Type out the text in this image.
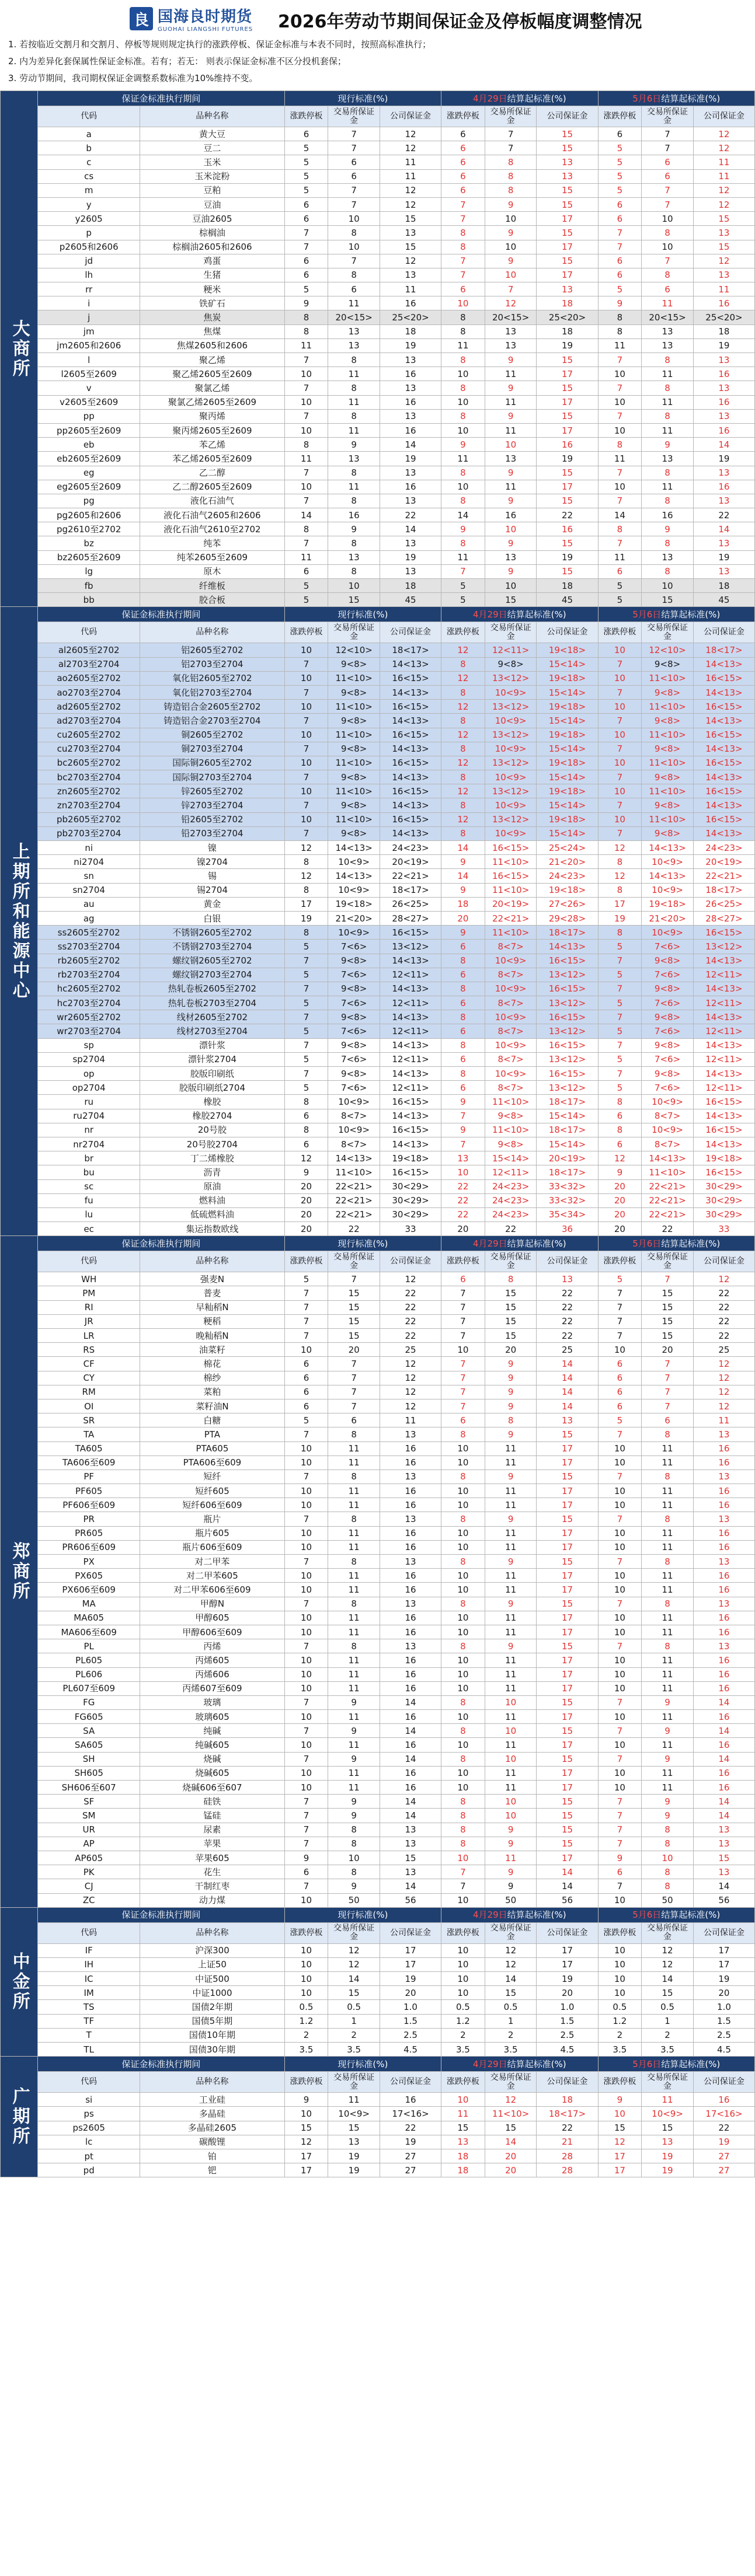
良 国海良时期货
GUOHAI LIANGSHI FUTURES 2026年劳动节期间保证金及停板幅度调整情况
1. 若按临近交割月和交割月、停板等规则规定执行的涨跌停板、保证金标准与本表不同时，按照高标准执行；
2. 内为差异化套保属性保证金标准。若有；若无： 则表示保证金标准不区分投机套保；
3. 劳动节期间，我司期权保证金调整系数标准为10%维持不变。
大商所	保证金标准执行期间		现行标准(%)			4月29日结算起标准(%)			5月6日结算起标准(%)		
	代码	品种名称	涨跌停板	交易所保证金	公司保证金	涨跌停板	交易所保证金	公司保证金	涨跌停板	交易所保证金	公司保证金
	a	黄大豆	6	7	12	6	7	15	6	7	12
	b	豆二	5	7	12	6	7	15	5	7	12
	c	玉米	5	6	11	6	8	13	5	6	11
	cs	玉米淀粉	5	6	11	6	8	13	5	6	11
	m	豆粕	5	7	12	6	8	15	5	7	12
	y	豆油	6	7	12	7	9	15	6	7	12
	y2605	豆油2605	6	10	15	7	10	17	6	10	15
	p	棕榈油	7	8	13	8	9	15	7	8	13
	p2605和2606	棕榈油2605和2606	7	10	15	8	10	17	7	10	15
	jd	鸡蛋	6	7	12	7	9	15	6	7	12
	lh	生猪	6	8	13	7	10	17	6	8	13
	rr	粳米	5	6	11	6	7	13	5	6	11
	i	铁矿石	9	11	16	10	12	18	9	11	16
	j	焦炭	8	20<15>	25<20>	8	20<15>	25<20>	8	20<15>	25<20>
	jm	焦煤	8	13	18	8	13	18	8	13	18
	jm2605和2606	焦煤2605和2606	11	13	19	11	13	19	11	13	19
	l	聚乙烯	7	8	13	8	9	15	7	8	13
	l2605至2609	聚乙烯2605至2609	10	11	16	10	11	17	10	11	16
	v	聚氯乙烯	7	8	13	8	9	15	7	8	13
	v2605至2609	聚氯乙烯2605至2609	10	11	16	10	11	17	10	11	16
	pp	聚丙烯	7	8	13	8	9	15	7	8	13
	pp2605至2609	聚丙烯2605至2609	10	11	16	10	11	17	10	11	16
	eb	苯乙烯	8	9	14	9	10	16	8	9	14
	eb2605至2609	苯乙烯2605至2609	11	13	19	11	13	19	11	13	19
	eg	乙二醇	7	8	13	8	9	15	7	8	13
	eg2605至2609	乙二醇2605至2609	10	11	16	10	11	17	10	11	16
	pg	液化石油气	7	8	13	8	9	15	7	8	13
	pg2605和2606	液化石油气2605和2606	14	16	22	14	16	22	14	16	22
	pg2610至2702	液化石油气2610至2702	8	9	14	9	10	16	8	9	14
	bz	纯苯	7	8	13	8	9	15	7	8	13
	bz2605至2609	纯苯2605至2609	11	13	19	11	13	19	11	13	19
	lg	原木	6	8	13	7	9	15	6	8	13
	fb	纤维板	5	10	18	5	10	18	5	10	18
	bb	胶合板	5	15	45	5	15	45	5	15	45
上期所和能源中心	保证金标准执行期间		现行标准(%)			4月29日结算起标准(%)			5月6日结算起标准(%)		
	代码	品种名称	涨跌停板	交易所保证金	公司保证金	涨跌停板	交易所保证金	公司保证金	涨跌停板	交易所保证金	公司保证金
	al2605至2702	铝2605至2702	10	12<10>	18<17>	12	12<11>	19<18>	10	12<10>	18<17>
	al2703至2704	铝2703至2704	7	9<8>	14<13>	8	9<8>	15<14>	7	9<8>	14<13>
	ao2605至2702	氧化铝2605至2702	10	11<10>	16<15>	12	13<12>	19<18>	10	11<10>	16<15>
	ao2703至2704	氧化铝2703至2704	7	9<8>	14<13>	8	10<9>	15<14>	7	9<8>	14<13>
	ad2605至2702	铸造铝合金2605至2702	10	11<10>	16<15>	12	13<12>	19<18>	10	11<10>	16<15>
	ad2703至2704	铸造铝合金2703至2704	7	9<8>	14<13>	8	10<9>	15<14>	7	9<8>	14<13>
	cu2605至2702	铜2605至2702	10	11<10>	16<15>	12	13<12>	19<18>	10	11<10>	16<15>
	cu2703至2704	铜2703至2704	7	9<8>	14<13>	8	10<9>	15<14>	7	9<8>	14<13>
	bc2605至2702	国际铜2605至2702	10	11<10>	16<15>	12	13<12>	19<18>	10	11<10>	16<15>
	bc2703至2704	国际铜2703至2704	7	9<8>	14<13>	8	10<9>	15<14>	7	9<8>	14<13>
	zn2605至2702	锌2605至2702	10	11<10>	16<15>	12	13<12>	19<18>	10	11<10>	16<15>
	zn2703至2704	锌2703至2704	7	9<8>	14<13>	8	10<9>	15<14>	7	9<8>	14<13>
	pb2605至2702	铅2605至2702	10	11<10>	16<15>	12	13<12>	19<18>	10	11<10>	16<15>
	pb2703至2704	铅2703至2704	7	9<8>	14<13>	8	10<9>	15<14>	7	9<8>	14<13>
	ni	镍	12	14<13>	24<23>	14	16<15>	25<24>	12	14<13>	24<23>
	ni2704	镍2704	8	10<9>	20<19>	9	11<10>	21<20>	8	10<9>	20<19>
	sn	锡	12	14<13>	22<21>	14	16<15>	24<23>	12	14<13>	22<21>
	sn2704	锡2704	8	10<9>	18<17>	9	11<10>	19<18>	8	10<9>	18<17>
	au	黄金	17	19<18>	26<25>	18	20<19>	27<26>	17	19<18>	26<25>
	ag	白银	19	21<20>	28<27>	20	22<21>	29<28>	19	21<20>	28<27>
	ss2605至2702	不锈钢2605至2702	8	10<9>	16<15>	9	11<10>	18<17>	8	10<9>	16<15>
	ss2703至2704	不锈钢2703至2704	5	7<6>	13<12>	6	8<7>	14<13>	5	7<6>	13<12>
	rb2605至2702	螺纹钢2605至2702	7	9<8>	14<13>	8	10<9>	16<15>	7	9<8>	14<13>
	rb2703至2704	螺纹钢2703至2704	5	7<6>	12<11>	6	8<7>	13<12>	5	7<6>	12<11>
	hc2605至2702	热轧卷板2605至2702	7	9<8>	14<13>	8	10<9>	16<15>	7	9<8>	14<13>
	hc2703至2704	热轧卷板2703至2704	5	7<6>	12<11>	6	8<7>	13<12>	5	7<6>	12<11>
	wr2605至2702	线材2605至2702	7	9<8>	14<13>	8	10<9>	16<15>	7	9<8>	14<13>
	wr2703至2704	线材2703至2704	5	7<6>	12<11>	6	8<7>	13<12>	5	7<6>	12<11>
	sp	漂针浆	7	9<8>	14<13>	8	10<9>	16<15>	7	9<8>	14<13>
	sp2704	漂针浆2704	5	7<6>	12<11>	6	8<7>	13<12>	5	7<6>	12<11>
	op	胶版印刷纸	7	9<8>	14<13>	8	10<9>	16<15>	7	9<8>	14<13>
	op2704	胶版印刷纸2704	5	7<6>	12<11>	6	8<7>	13<12>	5	7<6>	12<11>
	ru	橡胶	8	10<9>	16<15>	9	11<10>	18<17>	8	10<9>	16<15>
	ru2704	橡胶2704	6	8<7>	14<13>	7	9<8>	15<14>	6	8<7>	14<13>
	nr	20号胶	8	10<9>	16<15>	9	11<10>	18<17>	8	10<9>	16<15>
	nr2704	20号胶2704	6	8<7>	14<13>	7	9<8>	15<14>	6	8<7>	14<13>
	br	丁二烯橡胶	12	14<13>	19<18>	13	15<14>	20<19>	12	14<13>	19<18>
	bu	沥青	9	11<10>	16<15>	10	12<11>	18<17>	9	11<10>	16<15>
	sc	原油	20	22<21>	30<29>	22	24<23>	33<32>	20	22<21>	30<29>
	fu	燃料油	20	22<21>	30<29>	22	24<23>	33<32>	20	22<21>	30<29>
	lu	低硫燃料油	20	22<21>	30<29>	22	24<23>	35<34>	20	22<21>	30<29>
	ec	集运指数欧线	20	22	33	20	22	36	20	22	33
郑商所	保证金标准执行期间		现行标准(%)			4月29日结算起标准(%)			5月6日结算起标准(%)		
	代码	品种名称	涨跌停板	交易所保证金	公司保证金	涨跌停板	交易所保证金	公司保证金	涨跌停板	交易所保证金	公司保证金
	WH	强麦N	5	7	12	6	8	13	5	7	12
	PM	普麦	7	15	22	7	15	22	7	15	22
	RI	早籼稻N	7	15	22	7	15	22	7	15	22
	JR	粳稻	7	15	22	7	15	22	7	15	22
	LR	晚籼稻N	7	15	22	7	15	22	7	15	22
	RS	油菜籽	10	20	25	10	20	25	10	20	25
	CF	棉花	6	7	12	7	9	14	6	7	12
	CY	棉纱	6	7	12	7	9	14	6	7	12
	RM	菜粕	6	7	12	7	9	14	6	7	12
	OI	菜籽油N	6	7	12	7	9	14	6	7	12
	SR	白糖	5	6	11	6	8	13	5	6	11
	TA	PTA	7	8	13	8	9	15	7	8	13
	TA605	PTA605	10	11	16	10	11	17	10	11	16
	TA606至609	PTA606至609	10	11	16	10	11	17	10	11	16
	PF	短纤	7	8	13	8	9	15	7	8	13
	PF605	短纤605	10	11	16	10	11	17	10	11	16
	PF606至609	短纤606至609	10	11	16	10	11	17	10	11	16
	PR	瓶片	7	8	13	8	9	15	7	8	13
	PR605	瓶片605	10	11	16	10	11	17	10	11	16
	PR606至609	瓶片606至609	10	11	16	10	11	17	10	11	16
	PX	对二甲苯	7	8	13	8	9	15	7	8	13
	PX605	对二甲苯605	10	11	16	10	11	17	10	11	16
	PX606至609	对二甲苯606至609	10	11	16	10	11	17	10	11	16
	MA	甲醇N	7	8	13	8	9	15	7	8	13
	MA605	甲醇605	10	11	16	10	11	17	10	11	16
	MA606至609	甲醇606至609	10	11	16	10	11	17	10	11	16
	PL	丙烯	7	8	13	8	9	15	7	8	13
	PL605	丙烯605	10	11	16	10	11	17	10	11	16
	PL606	丙烯606	10	11	16	10	11	17	10	11	16
	PL607至609	丙烯607至609	10	11	16	10	11	17	10	11	16
	FG	玻璃	7	9	14	8	10	15	7	9	14
	FG605	玻璃605	10	11	16	10	11	17	10	11	16
	SA	纯碱	7	9	14	8	10	15	7	9	14
	SA605	纯碱605	10	11	16	10	11	17	10	11	16
	SH	烧碱	7	9	14	8	10	15	7	9	14
	SH605	烧碱605	10	11	16	10	11	17	10	11	16
	SH606至607	烧碱606至607	10	11	16	10	11	17	10	11	16
	SF	硅铁	7	9	14	8	10	15	7	9	14
	SM	锰硅	7	9	14	8	10	15	7	9	14
	UR	尿素	7	8	13	8	9	15	7	8	13
	AP	苹果	7	8	13	8	9	15	7	8	13
	AP605	苹果605	9	10	15	10	11	17	9	10	15
	PK	花生	6	8	13	7	9	14	6	8	13
	CJ	干制红枣	7	9	14	7	9	14	7	8	14
	ZC	动力煤	10	50	56	10	50	56	10	50	56
中金所	保证金标准执行期间		现行标准(%)			4月29日结算起标准(%)			5月6日结算起标准(%)		
	代码	品种名称	涨跌停板	交易所保证金	公司保证金	涨跌停板	交易所保证金	公司保证金	涨跌停板	交易所保证金	公司保证金
	IF	沪深300	10	12	17	10	12	17	10	12	17
	IH	上证50	10	12	17	10	12	17	10	12	17
	IC	中证500	10	14	19	10	14	19	10	14	19
	IM	中证1000	10	15	20	10	15	20	10	15	20
	TS	国债2年期	0.5	0.5	1.0	0.5	0.5	1.0	0.5	0.5	1.0
	TF	国债5年期	1.2	1	1.5	1.2	1	1.5	1.2	1	1.5
	T	国债10年期	2	2	2.5	2	2	2.5	2	2	2.5
	TL	国债30年期	3.5	3.5	4.5	3.5	3.5	4.5	3.5	3.5	4.5
广期所	保证金标准执行期间		现行标准(%)			4月29日结算起标准(%)			5月6日结算起标准(%)		
	代码	品种名称	涨跌停板	交易所保证金	公司保证金	涨跌停板	交易所保证金	公司保证金	涨跌停板	交易所保证金	公司保证金
	si	工业硅	9	11	16	10	12	18	9	11	16
	ps	多晶硅	10	10<9>	17<16>	11	11<10>	18<17>	10	10<9>	17<16>
	ps2605	多晶硅2605	15	15	22	15	15	22	15	15	22
	lc	碳酸锂	12	13	19	13	14	21	12	13	19
	pt	铂	17	19	27	18	20	28	17	19	27
	pd	钯	17	19	27	18	20	28	17	19	27
